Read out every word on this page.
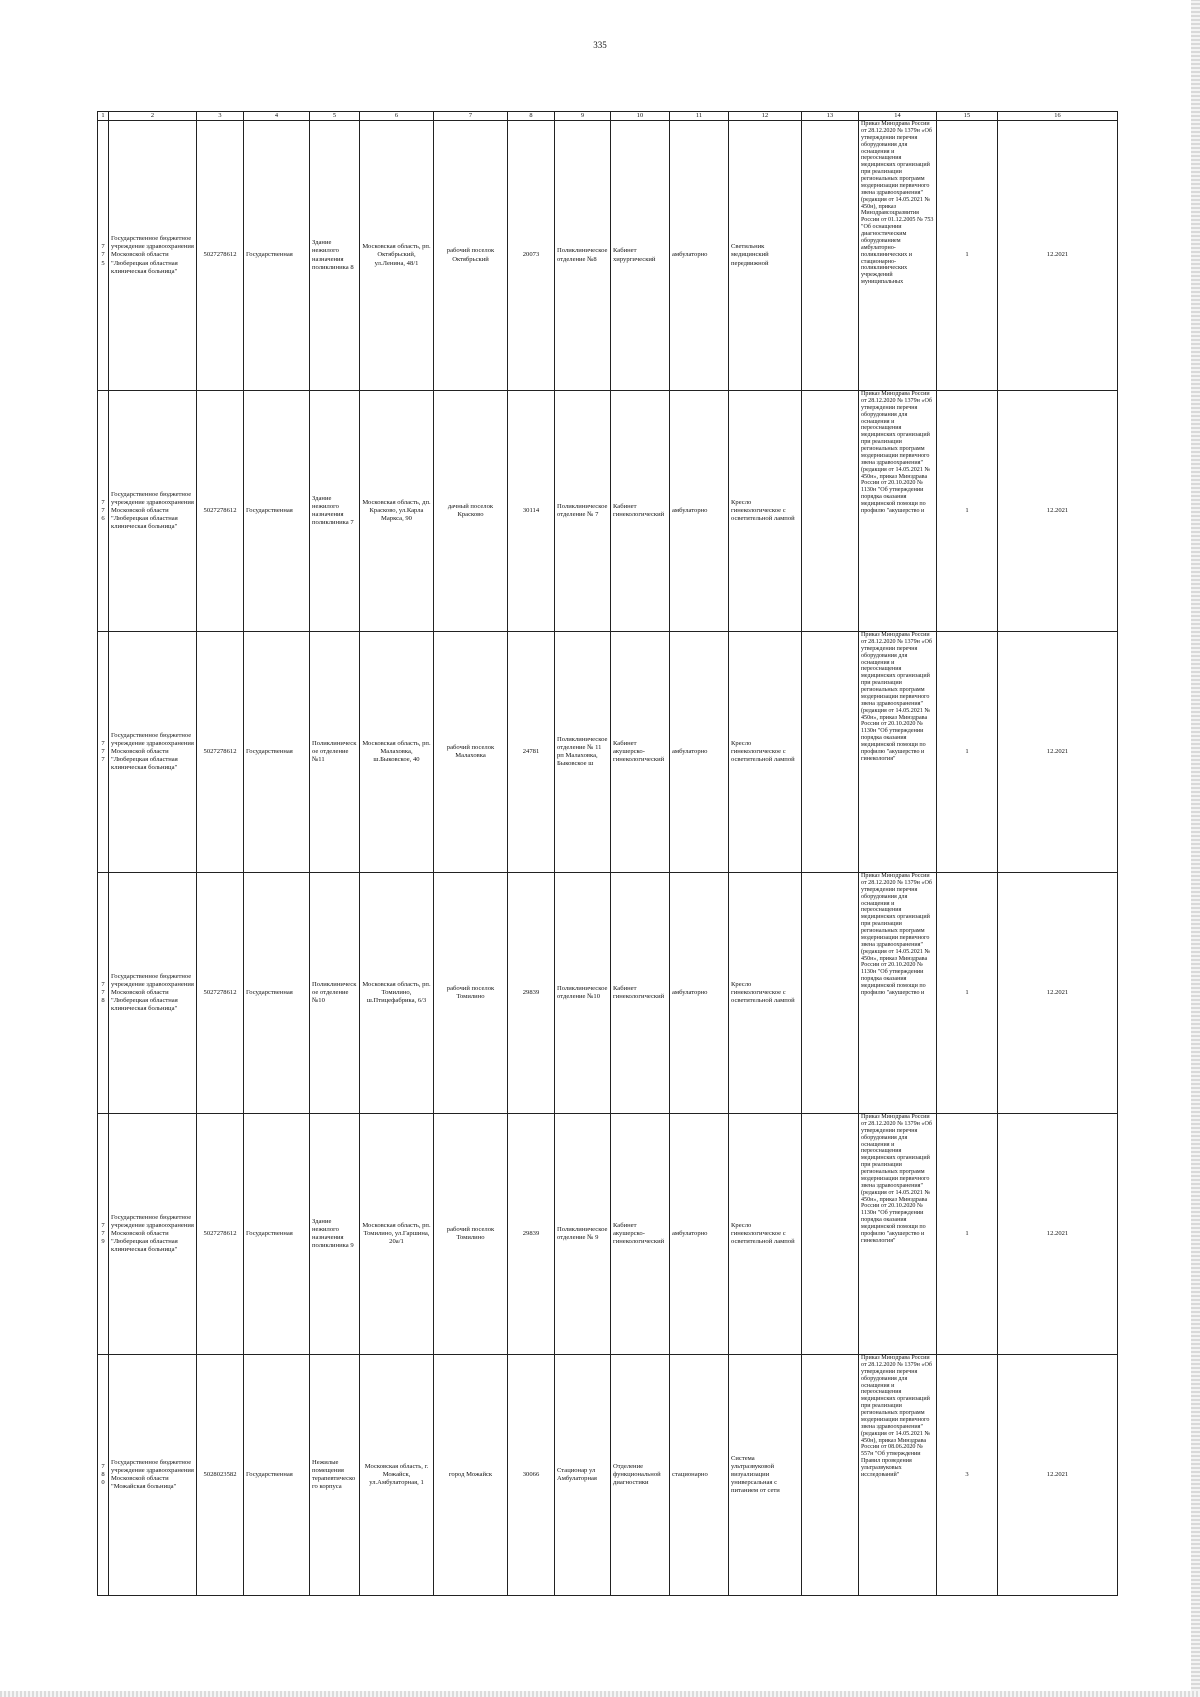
335
1	2	3	4	5	6	7	8	9	10	11	12	13	14	15	16
775	Государственное бюджетное учреждение здравоохранения Московской области "Люберецкая областная клиническая больница"	5027278612	Государственная	Здание нежилого назначения поликлиника 8	Московская область, рп. Октябрьский, ул.Ленина, 48/1	рабочий поселок Октябрьский	20073	Поликлиническое отделение №8	Кабинет хирургический	амбулаторно	Светильник медицинский передвижной		Приказ Минздрава России от 28.12.2020 № 1379н «Об утверждении перечня оборудования для оснащения и переоснащения медицинских организаций при реализации региональных программ модернизации первичного звена здравоохранения"(редакция от 14.05.2021 № 450н), приказ Минздравсоцразвития России от 01.12.2005 № 753 "Об оснащении диагностическим оборудованием амбулаторно-поликлинических и стационарно-поликлинических учреждений муниципальных	1	12.2021
776	Государственное бюджетное учреждение здравоохранения Московской области "Люберецкая областная клиническая больница"	5027278612	Государственная	Здание нежилого назначения поликлиника 7	Московская область, дп. Красково, ул.Карла Маркса, 90	дачный поселок Красково	30114	Поликлиническое отделение № 7	Кабинет гинекологический	амбулаторно	Кресло гинекологическое с осветительной лампой		Приказ Минздрава России от 28.12.2020 № 1379н «Об утверждении перечня оборудования для оснащения и переоснащения медицинских организаций при реализации региональных программ модернизации первичного звена здравоохранения"(редакция от 14.05.2021 № 450н», приказ Минздрава России от 20.10.2020 № 1130н "Об утверждении порядка оказания медицинской помощи по профилю "акушерство и	1	12.2021
777	Государственное бюджетное учреждение здравоохранения Московской области "Люберецкая областная клиническая больница"	5027278612	Государственная	Поликлиническое отделение №11	Московская область, рп. Малаховка, ш.Быковское, 40	рабочий поселок Малаховка	24781	Поликлиническое отделение № 11 рп Малаховка, Быковское ш	Кабинет акушерско-гинекологический	амбулаторно	Кресло гинекологическое с осветительной лампой		Приказ Минздрава России от 28.12.2020 № 1379н «Об утверждении перечня оборудования для оснащения и переоснащения медицинских организаций при реализации региональных программ модернизации первичного звена здравоохранения"(редакция от 14.05.2021 № 450н», приказ Минздрава России от 20.10.2020 № 1130н "Об утверждении порядка оказания медицинской помощи по профилю "акушерство и гинекология"	1	12.2021
778	Государственное бюджетное учреждение здравоохранения Московской области "Люберецкая областная клиническая больница"	5027278612	Государственная	Поликлиническое отделение №10	Московская область, рп. Томилино, ш.Птицефабрика, 6/3	рабочий поселок Томилино	29839	Поликлиническое отделение №10	Кабинет гинекологический	амбулаторно	Кресло гинекологическое с осветительной лампой		Приказ Минздрава России от 28.12.2020 № 1379н «Об утверждении перечня оборудования для оснащения и переоснащения медицинских организаций при реализации региональных программ модернизации первичного звена здравоохранения"(редакция от 14.05.2021 № 450н», приказ Минздрава России от 20.10.2020 № 1130н "Об утверждении порядка оказания медицинской помощи по профилю "акушерство и	1	12.2021
779	Государственное бюджетное учреждение здравоохранения Московской области "Люберецкая областная клиническая больница"	5027278612	Государственная	Здание нежилого назначения поликлиника 9	Московская область, рп. Томилино, ул.Гаршина, 20а/1	рабочий поселок Томилино	29839	Поликлиническое отделение № 9	Кабинет акушерско-гинекологический	амбулаторно	Кресло гинекологическое с осветительной лампой		Приказ Минздрава России от 28.12.2020 № 1379н «Об утверждении перечня оборудования для оснащения и переоснащения медицинских организаций при реализации региональных программ модернизации первичного звена здравоохранения"(редакция от 14.05.2021 № 450н», приказ Минздрава России от 20.10.2020 № 1130н "Об утверждении порядка оказания медицинской помощи по профилю "акушерство и гинекология"	1	12.2021
780	Государственное бюджетное учреждение здравоохранения Московской области "Можайская больница"	5028023582	Государственная	Нежилые помещения терапевтического корпуса	Московская область, г. Можайск, ул.Амбулаторная, 1	город Можайск	30066	Стационар ул Амбулаторная	Отделение функциональной диагностики	стационарно	Система ультразвуковой визуализации универсальная с питанием от сети		Приказ Минздрава России от 28.12.2020 № 1379н «Об утверждении перечня оборудования для оснащения и переоснащения медицинских организаций при реализации региональных программ модернизации первичного звена здравоохранения"(редакция от 14.05.2021 № 450н), приказ Минздрава России от 08.06.2020 № 557н "Об утверждении Правил проведения ультразвуковых исследований"	3	12.2021
